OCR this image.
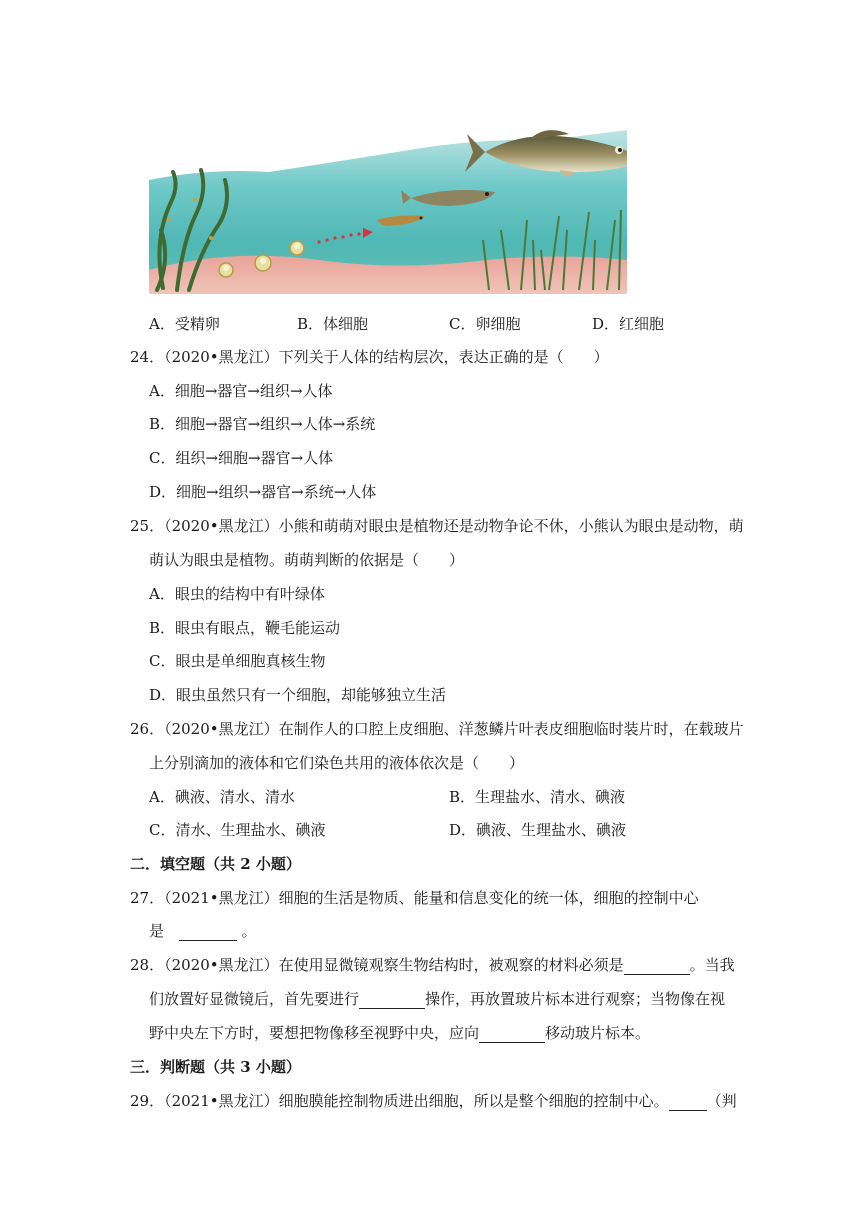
A．受精卵	B．体细胞	C．卵细胞	D．红细胞
24．（2020•黑龙江）下列关于人体的结构层次，表达正确的是（　　）
A．细胞→器官→组织→人体
B．细胞→器官→组织→人体→系统
C．组织→细胞→器官→人体
D．细胞→组织→器官→系统→人体
25．（2020•黑龙江）小熊和萌萌对眼虫是植物还是动物争论不休，小熊认为眼虫是动物，萌
萌认为眼虫是植物。萌萌判断的依据是（　　）
A．眼虫的结构中有叶绿体
B．眼虫有眼点，鞭毛能运动
C．眼虫是单细胞真核生物
D．眼虫虽然只有一个细胞，却能够独立生活
26．（2020•黑龙江）在制作人的口腔上皮细胞、洋葱鳞片叶表皮细胞临时装片时，在载玻片
上分别滴加的液体和它们染色共用的液体依次是（　　）
A．碘液、清水、清水	B．生理盐水、清水、碘液
C．清水、生理盐水、碘液	D．碘液、生理盐水、碘液
二．填空题（共 2 小题）
27．（2021•黑龙江）细胞的生活是物质、能量和信息变化的统一体，细胞的控制中心
是	。
28．（2020•黑龙江）在使用显微镜观察生物结构时，被观察的材料必须是	。当我
们放置好显微镜后，首先要进行	操作，再放置玻片标本进行观察；当物像在视
野中央左下方时，要想把物像移至视野中央，应向	移动玻片标本。
三．判断题（共 3 小题）
29．（2021•黑龙江）细胞膜能控制物质进出细胞，所以是整个细胞的控制中心。	（判
